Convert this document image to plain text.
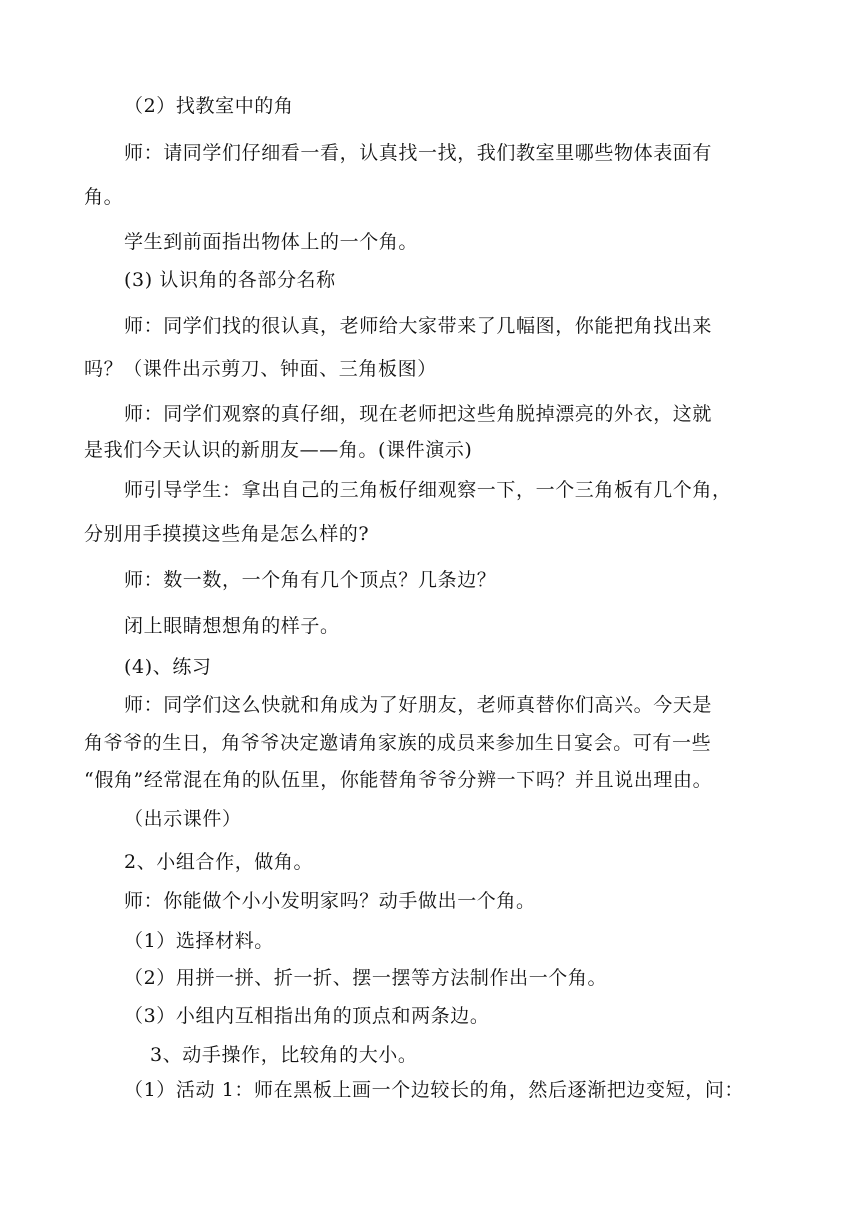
（2）找教室中的角
师：请同学们仔细看一看，认真找一找，我们教室里哪些物体表面有
角。
学生到前面指出物体上的一个角。
(3) 认识角的各部分名称
师：同学们找的很认真，老师给大家带来了几幅图，你能把角找出来
吗？（课件出示剪刀、钟面、三角板图）
师：同学们观察的真仔细，现在老师把这些角脱掉漂亮的外衣，这就
是我们今天认识的新朋友——角。(课件演示)
师引导学生：拿出自己的三角板仔细观察一下，一个三角板有几个角，
分别用手摸摸这些角是怎么样的?
师：数一数，一个角有几个顶点？几条边？
闭上眼睛想想角的样子。
(4)、练习
师：同学们这么快就和角成为了好朋友，老师真替你们高兴。今天是
角爷爷的生日，角爷爷决定邀请角家族的成员来参加生日宴会。可有一些
“假角”经常混在角的队伍里，你能替角爷爷分辨一下吗？并且说出理由。
（出示课件）
2、小组合作，做角。
师：你能做个小小发明家吗？动手做出一个角。
（1）选择材料。
（2）用拼一拼、折一折、摆一摆等方法制作出一个角。
（3）小组内互相指出角的顶点和两条边。
3、动手操作，比较角的大小。
（1）活动 1：师在黑板上画一个边较长的角，然后逐渐把边变短，问：
